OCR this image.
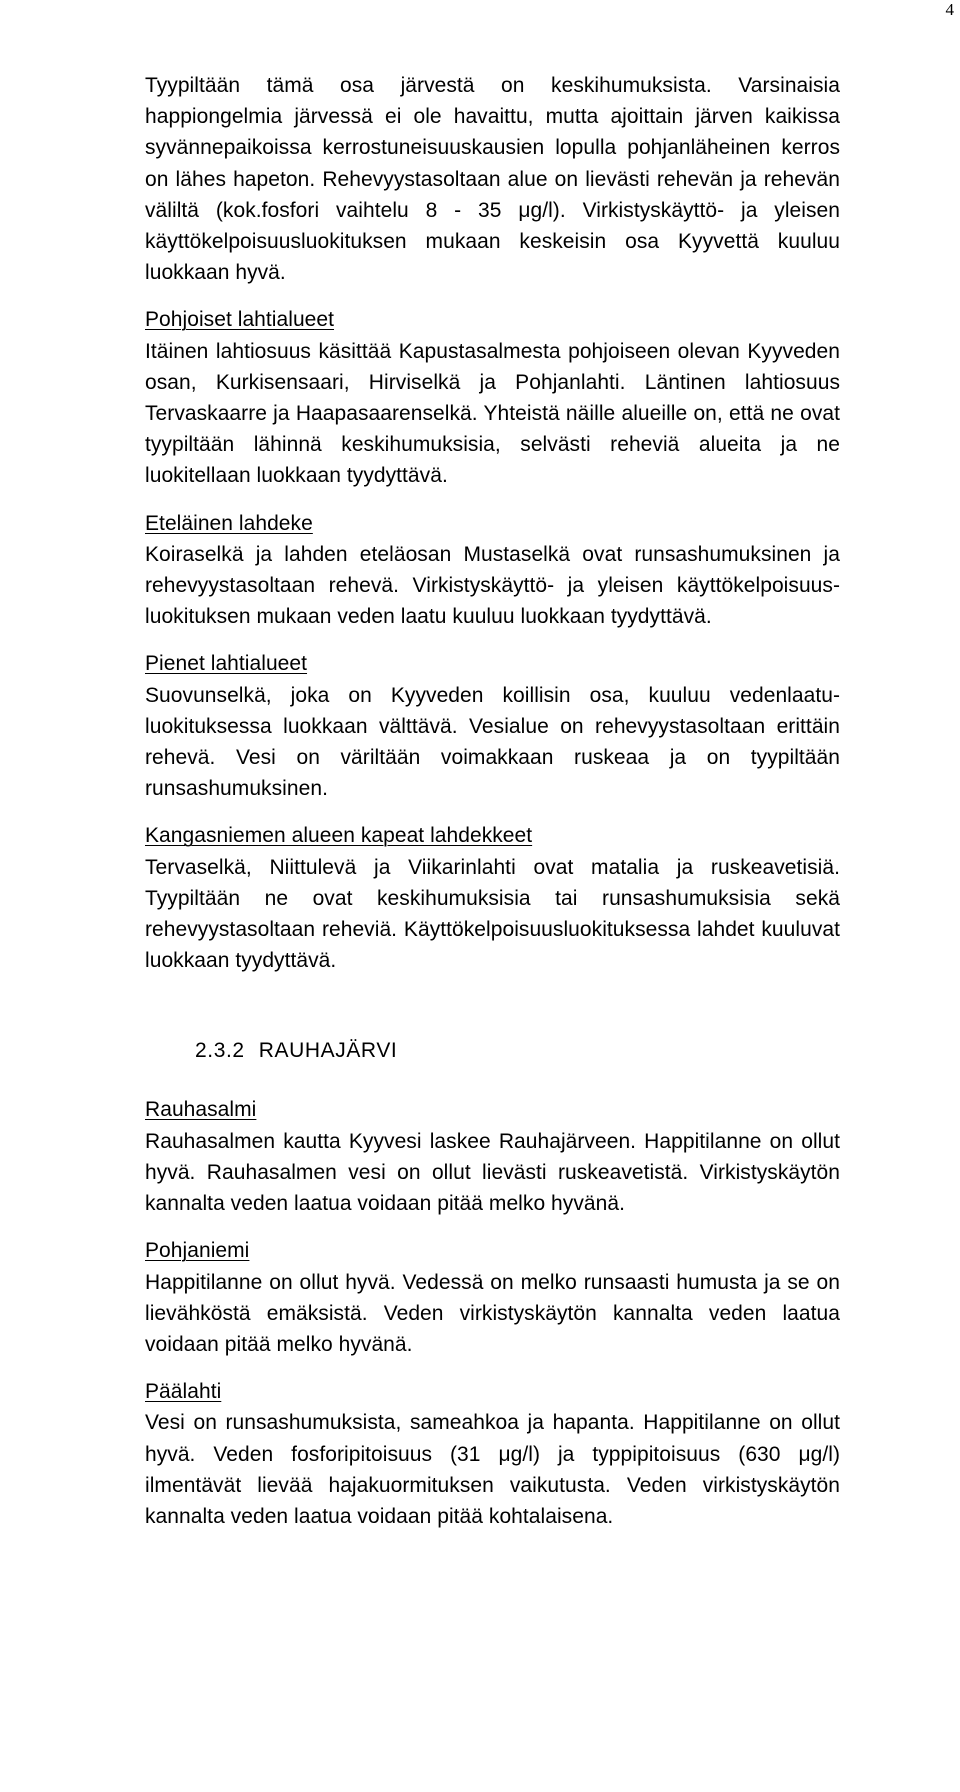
4

Tyypiltään tämä osa järvestä on keskihumuksista. Varsinaisia happiongelmia järvessä ei ole havaittu, mutta ajoittain järven kaikissa syvännepaikoissa kerrostuneisuuskausien lopulla pohjanläheinen kerros on lähes hapeton. Rehevyystasoltaan alue on lievästi rehevän ja rehevän väliltä (kok.fosfori vaihtelu 8 - 35 μg/l). Virkistyskäyttö- ja yleisen käyttökelpoisuusluokituksen mukaan keskeisin osa Kyyvettä kuuluu luokkaan hyvä.

Pohjoiset lahtialueet

Itäinen lahtiosuus käsittää Kapustasalmesta pohjoiseen olevan Kyyveden osan, Kurkisensaari, Hirviselkä ja Pohjanlahti. Läntinen lahtiosuus Tervaskaarre ja Haapasaarenselkä. Yhteistä näille alueille on, että ne ovat tyypiltään lähinnä keskihumuksisia, selvästi reheviä alueita ja ne luokitellaan luokkaan tyydyttävä.

Eteläinen lahdeke

Koiraselkä ja lahden eteläosan Mustaselkä ovat runsashumuksinen ja rehevyystasoltaan rehevä. Virkistyskäyttö- ja yleisen käyttökelpoisuus-luokituksen mukaan veden laatu kuuluu luokkaan tyydyttävä.

Pienet lahtialueet

Suovunselkä, joka on Kyyveden koillisin osa, kuuluu vedenlaatu-luokituksessa luokkaan välttävä. Vesialue on rehevyystasoltaan erittäin rehevä. Vesi on väriltään voimakkaan ruskeaa ja on tyypiltään runsashumuksinen.

Kangasniemen alueen kapeat lahdekkeet

Tervaselkä, Niittulevä ja Viikarinlahti ovat matalia ja ruskeavetisiä. Tyypiltään ne ovat keskihumuksisia tai runsashumuksisia sekä rehevyystasoltaan reheviä. Käyttökelpoisuusluokituksessa lahdet kuuluvat luokkaan tyydyttävä.

2.3.2 RAUHAJÄRVI

Rauhasalmi

Rauhasalmen kautta Kyyvesi laskee Rauhajärveen. Happitilanne on ollut hyvä. Rauhasalmen vesi on ollut lievästi ruskeavetistä. Virkistyskäytön kannalta veden laatua voidaan pitää melko hyvänä.

Pohjaniemi

Happitilanne on ollut hyvä. Vedessä on melko runsaasti humusta ja se on lievähköstä emäksistä. Veden virkistyskäytön kannalta veden laatua voidaan pitää melko hyvänä.

Päälahti

Vesi on runsashumuksista, sameahkoa ja hapanta. Happitilanne on ollut hyvä. Veden fosforipitoisuus (31 μg/l) ja typpipitoisuus (630 μg/l) ilmentävät lievää hajakuormituksen vaikutusta. Veden virkistyskäytön kannalta veden laatua voidaan pitää kohtalaisena.
